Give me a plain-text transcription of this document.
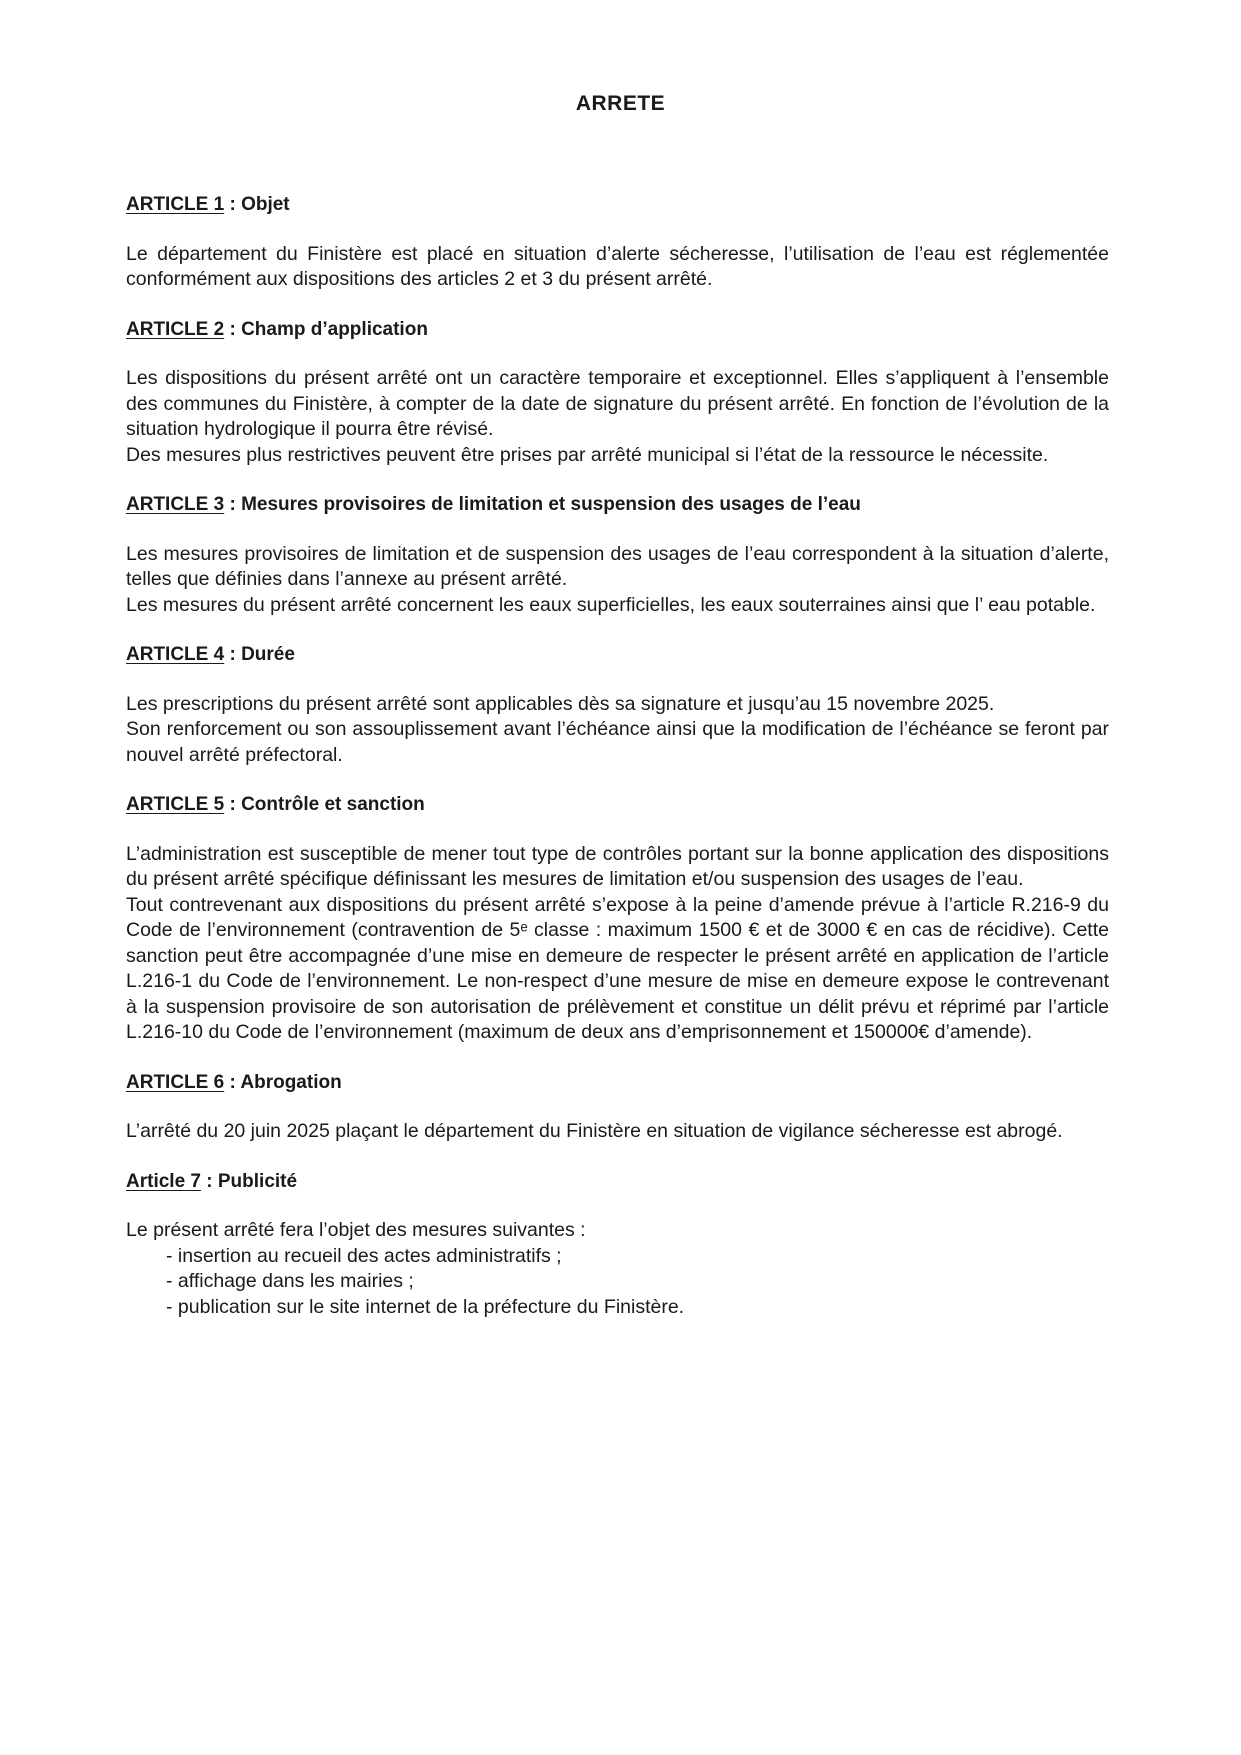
ARRETE
ARTICLE 1 : Objet
Le département du Finistère est placé en situation d’alerte sécheresse, l’utilisation de l’eau est réglementée conformément aux dispositions des articles 2 et 3 du présent arrêté.
ARTICLE 2 : Champ d’application
Les dispositions du présent arrêté ont un caractère temporaire et exceptionnel. Elles s’appliquent à l’ensemble des communes du Finistère, à compter de la date de signature du présent arrêté. En fonction de l’évolution de la situation hydrologique il pourra être révisé.
Des mesures plus restrictives peuvent être prises par arrêté municipal si l’état de la ressource le nécessite.
ARTICLE 3 : Mesures provisoires de limitation et suspension des usages de l’eau
Les mesures provisoires de limitation et de suspension des usages de l’eau correspondent à la situation d’alerte, telles que définies dans l’annexe au présent arrêté.
Les mesures du présent arrêté concernent les eaux superficielles, les eaux souterraines ainsi que l’ eau potable.
ARTICLE 4 : Durée
Les prescriptions du présent arrêté sont applicables dès sa signature et jusqu’au 15 novembre 2025.
Son renforcement ou son assouplissement avant l’échéance ainsi que la modification de l’échéance se feront par nouvel arrêté préfectoral.
ARTICLE 5 : Contrôle et sanction
L’administration est susceptible de mener tout type de contrôles portant sur la bonne application des dispositions du présent arrêté spécifique définissant les mesures de limitation et/ou suspension des usages de l’eau.
Tout contrevenant aux dispositions du présent arrêté s’expose à la peine d’amende prévue à l’article R.216-9 du Code de l’environnement (contravention de 5ᵉ classe : maximum 1500 € et de 3000 € en cas de récidive). Cette sanction peut être accompagnée d’une mise en demeure de respecter le présent arrêté en application de l’article L.216-1 du Code de l’environnement. Le non-respect d’une mesure de mise en demeure expose le contrevenant à la suspension provisoire de son autorisation de prélèvement et constitue un délit prévu et réprimé par l’article L.216-10 du Code de l’environnement (maximum de deux ans d’emprisonnement et 150000€ d’amende).
ARTICLE 6 : Abrogation
L’arrêté du 20 juin 2025 plaçant le département du Finistère en situation de vigilance sécheresse est abrogé.
Article 7 : Publicité
Le présent arrêté fera l’objet des mesures suivantes :
- insertion au recueil des actes administratifs ;
- affichage dans les mairies ;
- publication sur le site internet de la préfecture du Finistère.
